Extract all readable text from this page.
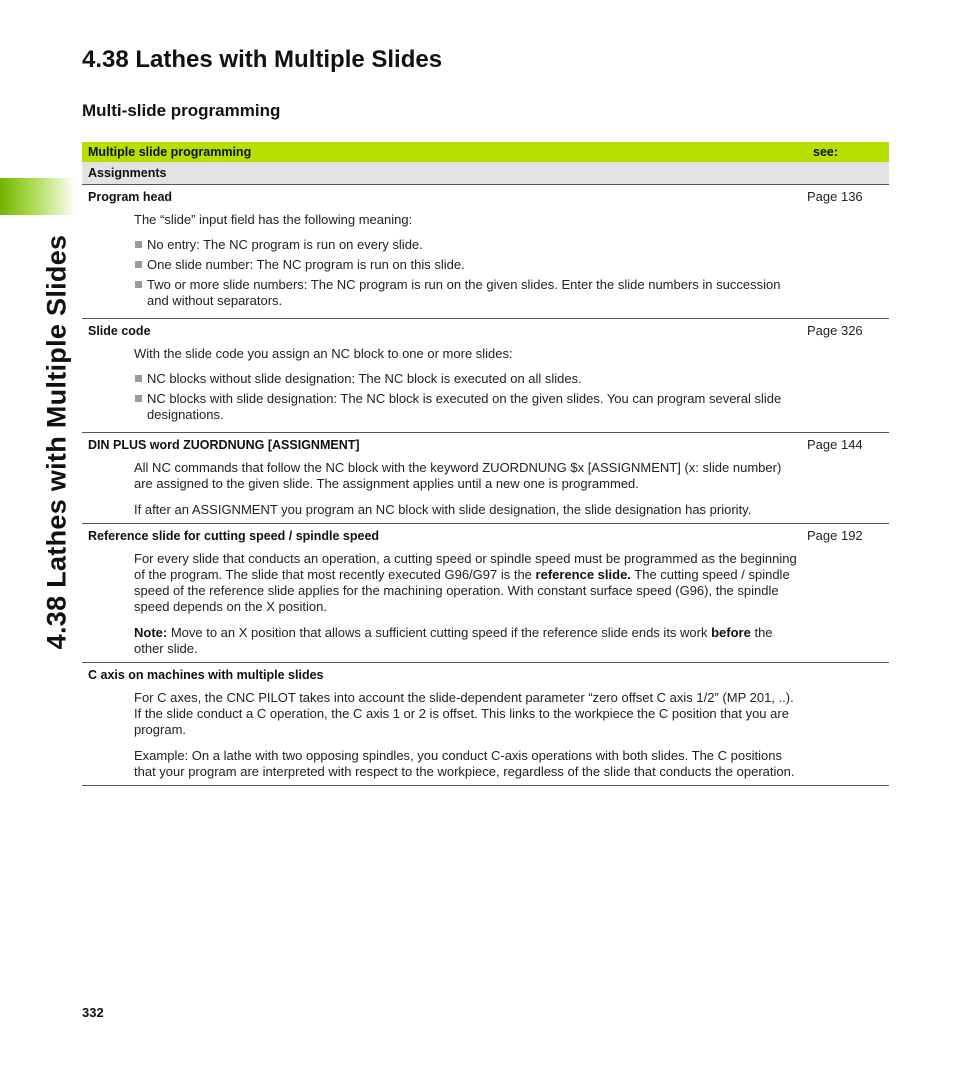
4.38 Lathes with Multiple Slides
4.38 Lathes with Multiple Slides
Multi-slide programming
Multiple slide programming	see:
Assignments
Program head	Page 136
The “slide” input field has the following meaning:
No entry: The NC program is run on every slide.
One slide number: The NC program is run on this slide.
Two or more slide numbers: The NC program is run on the given slides. Enter the slide numbers in succession and without separators.
Slide code	Page 326
With the slide code you assign an NC block to one or more slides:
NC blocks without slide designation: The NC block is executed on all slides.
NC blocks with slide designation: The NC block is executed on the given slides. You can program several slide designations.
DIN PLUS word ZUORDNUNG [ASSIGNMENT]	Page 144
All NC commands that follow the NC block with the keyword ZUORDNUNG $x [ASSIGNMENT] (x: slide number) are assigned to the given slide. The assignment applies until a new one is programmed.
If after an ASSIGNMENT you program an NC block with slide designation, the slide designation has priority.
Reference slide for cutting speed / spindle speed	Page 192
For every slide that conducts an operation, a cutting speed or spindle speed must be programmed as the beginning of the program. The slide that most recently executed G96/G97 is the reference slide. The cutting speed / spindle speed of the reference slide applies for the machining operation. With constant surface speed (G96), the spindle speed depends on the X position.
Note: Move to an X position that allows a sufficient cutting speed if the reference slide ends its work before the other slide.
C axis on machines with multiple slides
For C axes, the CNC PILOT takes into account the slide-dependent parameter “zero offset C axis 1/2” (MP 201, ..). If the slide conduct a C operation, the C axis 1 or 2 is offset. This links to the workpiece the C position that you are program.
Example: On a lathe with two opposing spindles, you conduct C-axis operations with both slides. The C positions that your program are interpreted with respect to the workpiece, regardless of the slide that conducts the operation.
332
